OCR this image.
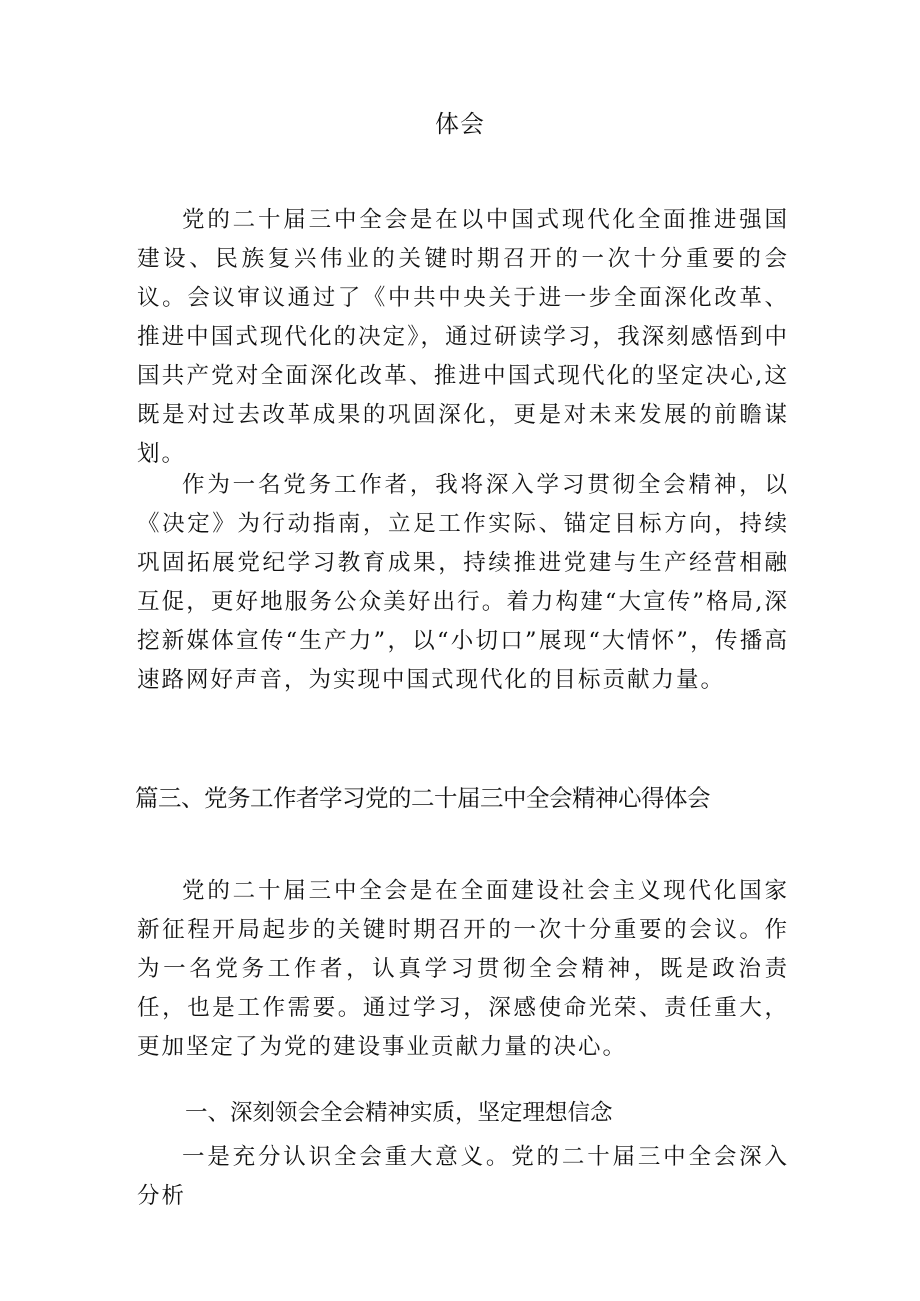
体会

党的二十届三中全会是在以中国式现代化全面推进强国建设、民族复兴伟业的关键时期召开的一次十分重要的会议。会议审议通过了《中共中央关于进一步全面深化改革、推进中国式现代化的决定》，通过研读学习，我深刻感悟到中国共产党对全面深化改革、推进中国式现代化的坚定决心,这既是对过去改革成果的巩固深化，更是对未来发展的前瞻谋划。

作为一名党务工作者，我将深入学习贯彻全会精神，以《决定》为行动指南，立足工作实际、锚定目标方向，持续巩固拓展党纪学习教育成果，持续推进党建与生产经营相融互促，更好地服务公众美好出行。着力构建“大宣传”格局,深挖新媒体宣传“生产力”，以“小切口”展现“大情怀”，传播高速路网好声音，为实现中国式现代化的目标贡献力量。

篇三、党务工作者学习党的二十届三中全会精神心得体会

党的二十届三中全会是在全面建设社会主义现代化国家新征程开局起步的关键时期召开的一次十分重要的会议。作为一名党务工作者，认真学习贯彻全会精神，既是政治责任，也是工作需要。通过学习，深感使命光荣、责任重大，更加坚定了为党的建设事业贡献力量的决心。

一、深刻领会全会精神实质，坚定理想信念

一是充分认识全会重大意义。党的二十届三中全会深入分析
